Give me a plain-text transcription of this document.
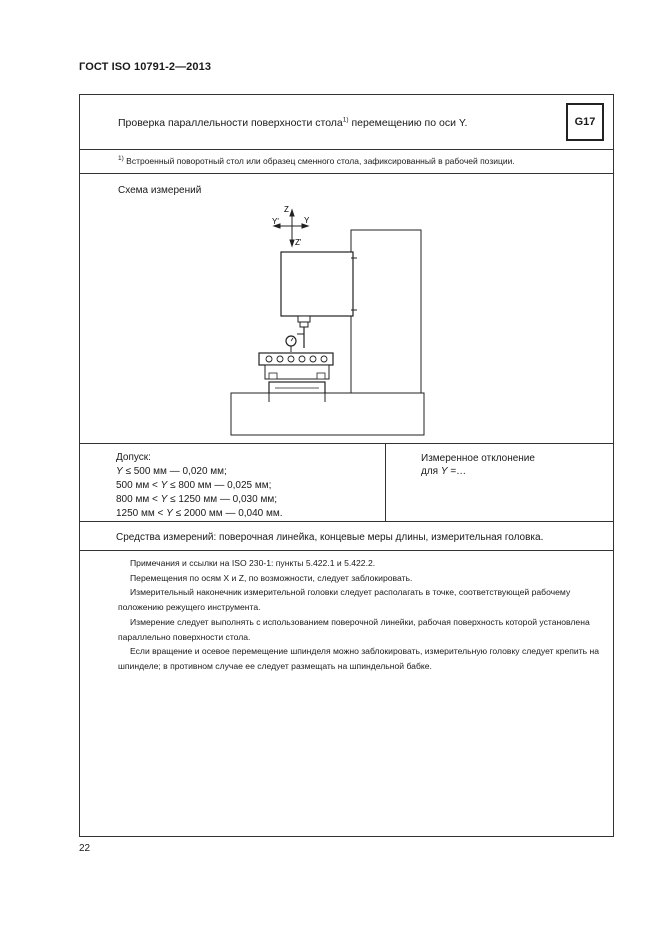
ГОСТ ISO 10791-2—2013
Проверка параллельности поверхности стола$^{1)}$ перемещению по оси Y.	G17
$^{1)}$ Встроенный поворотный стол или образец сменного стола, зафиксированный в рабочей позиции.
Схема измерений
Z
Y'	Y
Z'
Допуск:
Y ≤ 500 мм — 0,020 мм;
500 мм < Y ≤ 800 мм — 0,025 мм;
800 мм < Y ≤ 1250 мм — 0,030 мм;
1250 мм < Y ≤ 2000 мм — 0,040 мм.
Измеренное отклонение
для Y =…
Средства измерений: поверочная линейка, концевые меры длины, измерительная головка.

Примечания и ссылки на ISO 230-1: пункты 5.422.1 и 5.422.2.

Перемещения по осям X и Z, по возможности, следует заблокировать.

Измерительный наконечник измерительной головки следует располагать в точке, соответствующей рабочему положению режущего инструмента.

Измерение следует выполнять с использованием поверочной линейки, рабочая поверхность которой установлена параллельно поверхности стола.

Если вращение и осевое перемещение шпинделя можно заблокировать, измерительную головку следует крепить на шпинделе; в противном случае ее следует размещать на шпиндельной бабке.

22
